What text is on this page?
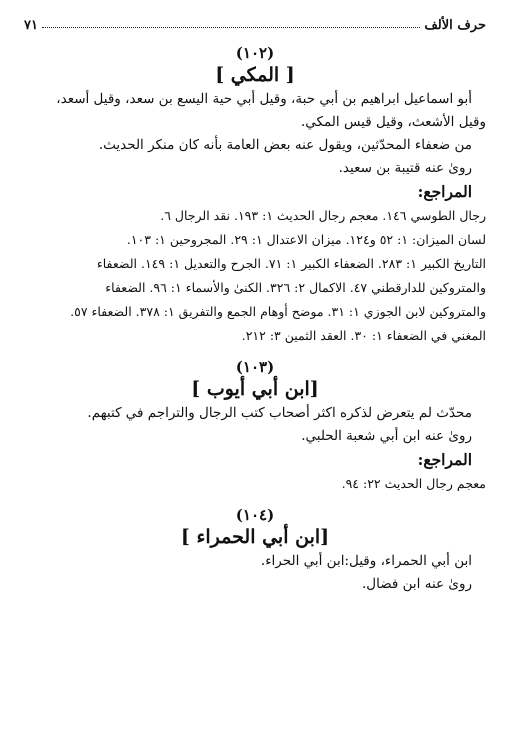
حرف الألف
٧١
(١٠٢)
[ المكي ]

أبو اسماعيل ابراهيم بن أبي حبة، وقيل أبي حية اليسع بن سعد، وقيل أسعد،

وقيل الأشعث، وقيل قيس المكي.

من ضعفاء المحدّثين، ويقول عنه بعض العامة بأنه كان منكر الحديث.

روىٰ عنه قتيبة بن سعيد.

المراجع:

رجال الطوسي ١٤٦. معجم رجال الحديث ١: ١٩٣. نقد الرجال ٦.

لسان الميزان: ١: ٥٢ و١٢٤. ميزان الاعتدال ١: ٢٩. المجروحين ١: ١٠٣.

التاريخ الكبير ١: ٢٨٣. الضعفاء الكبير ١: ٧١. الجرح والتعديل ١: ١٤٩. الضعفاء

والمتروكين للدارقطني ٤٧. الاكمال ٢: ٣٢٦. الكنىٰ والأسماء ١: ٩٦. الضعفاء

والمتروكين لابن الجوزي ١: ٣١. موضح أوهام الجمع والتفريق ١: ٣٧٨. الضعفاء ٥٧.

المغني في الضعفاء ١: ٣٠. العقد الثمين ٣: ٢١٢.

(١٠٣)
[ابن أبي أيوب ]

محدّث لم يتعرض لذكره اكثر أصحاب كتب الرجال والتراجم في كتبهم.

روىٰ عنه ابن أبي شعبة الحلبي.

المراجع:

معجم رجال الحديث ٢٢: ٩٤.

(١٠٤)
[ابن أبي الحمراء ]

ابن أبي الحمراء، وقيل:ابن أبي الحراء.

روىٰ عنه ابن فضال.
